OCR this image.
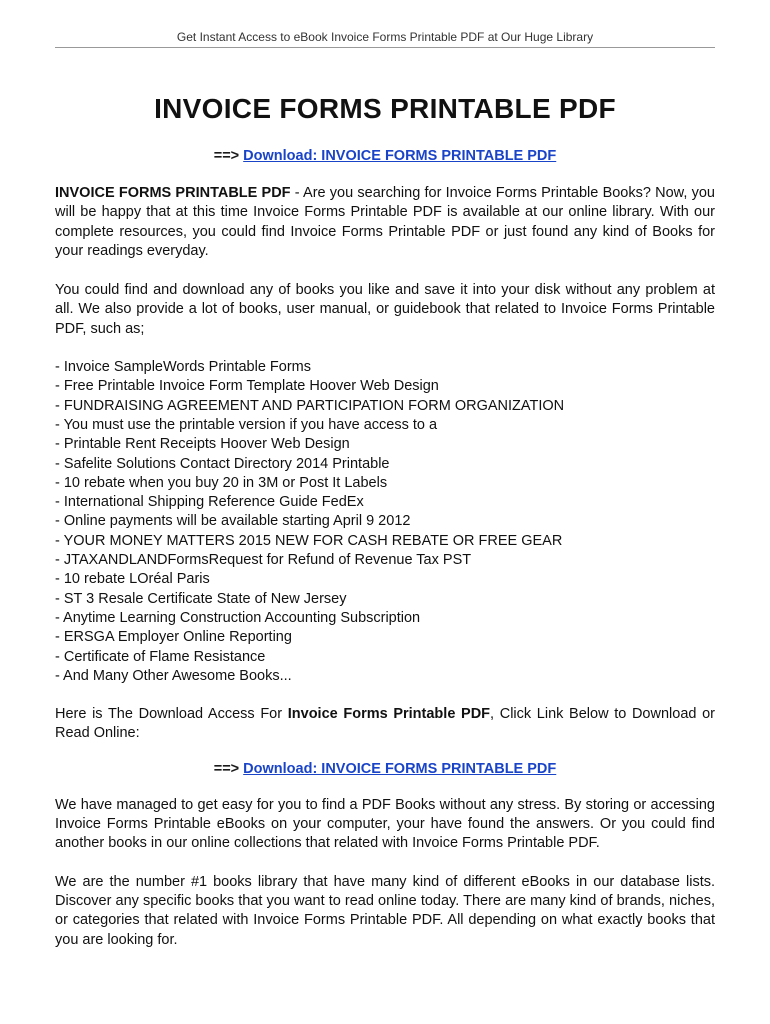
Get Instant Access to eBook Invoice Forms Printable PDF at Our Huge Library
INVOICE FORMS PRINTABLE PDF
==> Download: INVOICE FORMS PRINTABLE PDF

INVOICE FORMS PRINTABLE PDF - Are you searching for Invoice Forms Printable Books? Now, you will be happy that at this time Invoice Forms Printable PDF is available at our online library. With our complete resources, you could find Invoice Forms Printable PDF or just found any kind of Books for your readings everyday.

You could find and download any of books you like and save it into your disk without any problem at all. We also provide a lot of books, user manual, or guidebook that related to Invoice Forms Printable PDF, such as;

- Invoice SampleWords Printable Forms
- Free Printable Invoice Form Template Hoover Web Design
- FUNDRAISING AGREEMENT AND PARTICIPATION FORM ORGANIZATION
- You must use the printable version if you have access to a
- Printable Rent Receipts Hoover Web Design
- Safelite Solutions Contact Directory 2014 Printable
- 10 rebate when you buy 20 in 3M or Post It Labels
- International Shipping Reference Guide FedEx
- Online payments will be available starting April 9 2012
- YOUR MONEY MATTERS 2015 NEW FOR CASH REBATE OR FREE GEAR
- JTAXANDLANDFormsRequest for Refund of Revenue Tax PST
- 10 rebate LOréal Paris
- ST 3 Resale Certificate State of New Jersey
- Anytime Learning Construction Accounting Subscription
- ERSGA Employer Online Reporting
- Certificate of Flame Resistance
- And Many Other Awesome Books...

Here is The Download Access For Invoice Forms Printable PDF, Click Link Below to Download or Read Online:

==> Download: INVOICE FORMS PRINTABLE PDF

We have managed to get easy for you to find a PDF Books without any stress. By storing or accessing Invoice Forms Printable eBooks on your computer, your have found the answers. Or you could find another books in our online collections that related with Invoice Forms Printable PDF.

We are the number #1 books library that have many kind of different eBooks in our database lists. Discover any specific books that you want to read online today. There are many kind of brands, niches, or categories that related with Invoice Forms Printable PDF. All depending on what exactly books that you are looking for.
